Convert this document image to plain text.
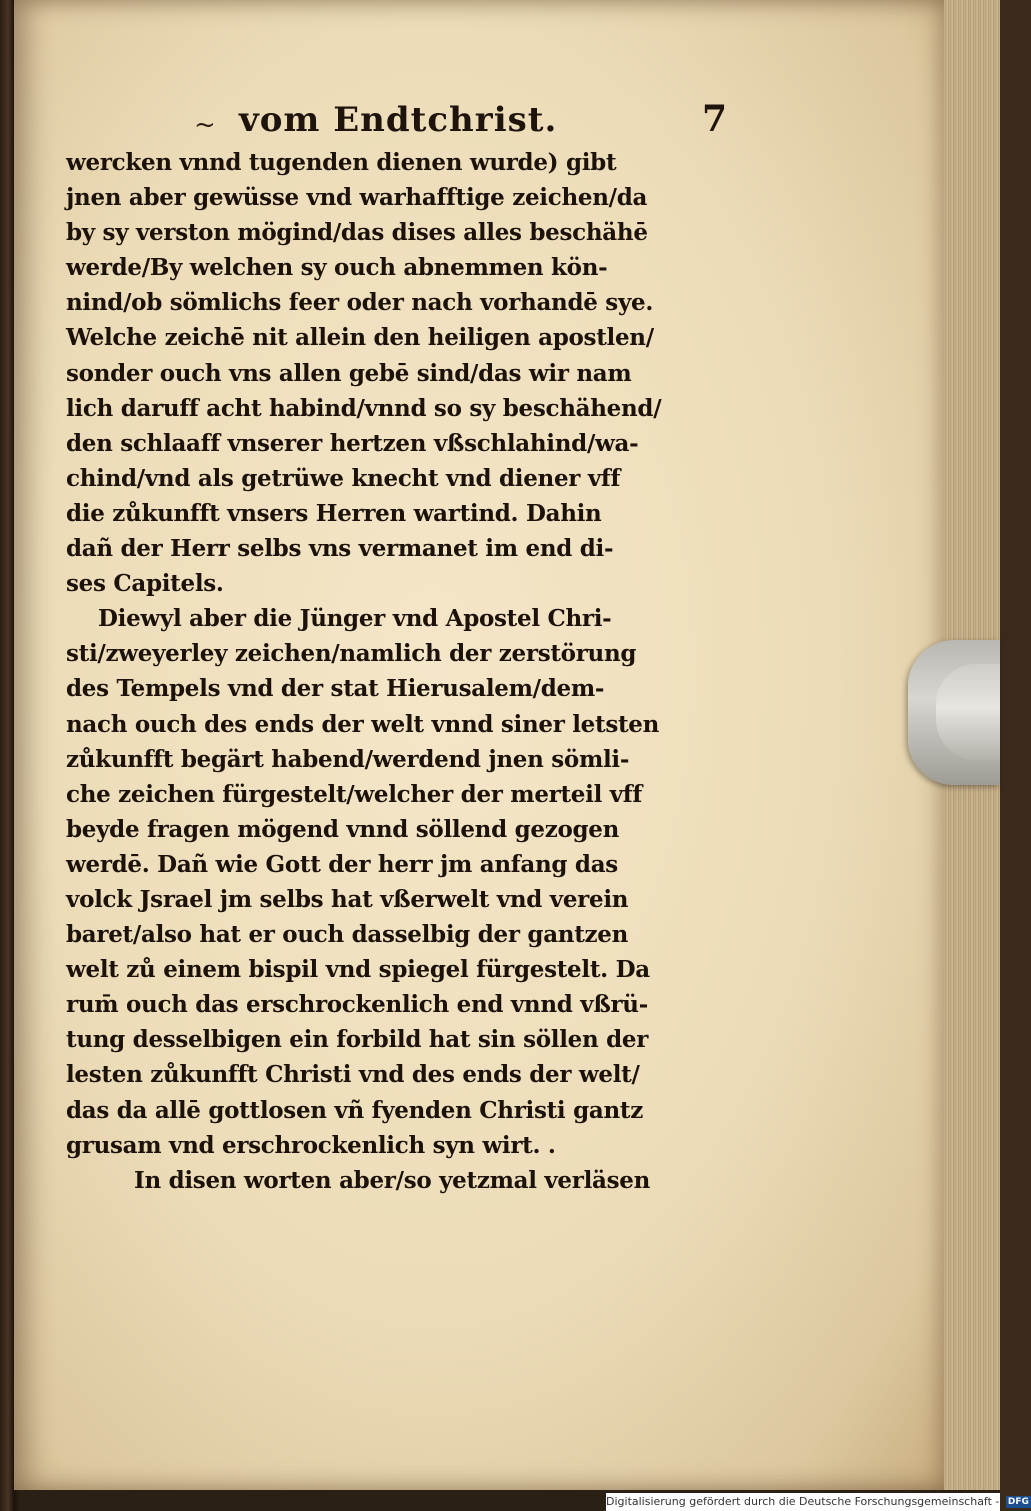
~ vom Endtchrist.	7
wercken vnnd tugenden dienen wurde) gibt
jnen aber gewüsse vnd warhafftige zeichen/da
by sy verston mögind/das dises alles beschähē
werde/By welchen sy ouch abnemmen kön-
nind/ob sömlichs feer oder nach vorhandē sye.
Welche zeichē nit allein den heiligen apostlen/
sonder ouch vns allen gebē sind/das wir nam
lich daruff acht habind/vnnd so sy beschähend/
den schlaaff vnserer hertzen vßschlahind/wa-
chind/vnd als getrüwe knecht vnd diener vff
die zůkunfft vnsers Herren wartind. Dahin
dañ der Herr selbs vns vermanet im end di-
ses Capitels.
Diewyl aber die Jünger vnd Apostel Chri-
sti/zweyerley zeichen/namlich der zerstörung
des Tempels vnd der stat Hierusalem/dem-
nach ouch des ends der welt vnnd siner letsten
zůkunfft begärt habend/werdend jnen sömli-
che zeichen fürgestelt/welcher der merteil vff
beyde fragen mögend vnnd söllend gezogen
werdē. Dañ wie Gott der herr jm anfang das
volck Jsrael jm selbs hat vßerwelt vnd verein
baret/also hat er ouch dasselbig der gantzen
welt zů einem bispil vnd spiegel fürgestelt. Da
rum̄ ouch das erschrockenlich end vnnd vßrü-
tung desselbigen ein forbild hat sin söllen der
lesten zůkunfft Christi vnd des ends der welt/
das da allē gottlosen vñ fyenden Christi gantz
grusam vnd erschrockenlich syn wirt. .
In disen worten aber/so yetzmal verläsen
Digitalisierung gefördert durch die Deutsche Forschungsgemeinschaft - DFG
